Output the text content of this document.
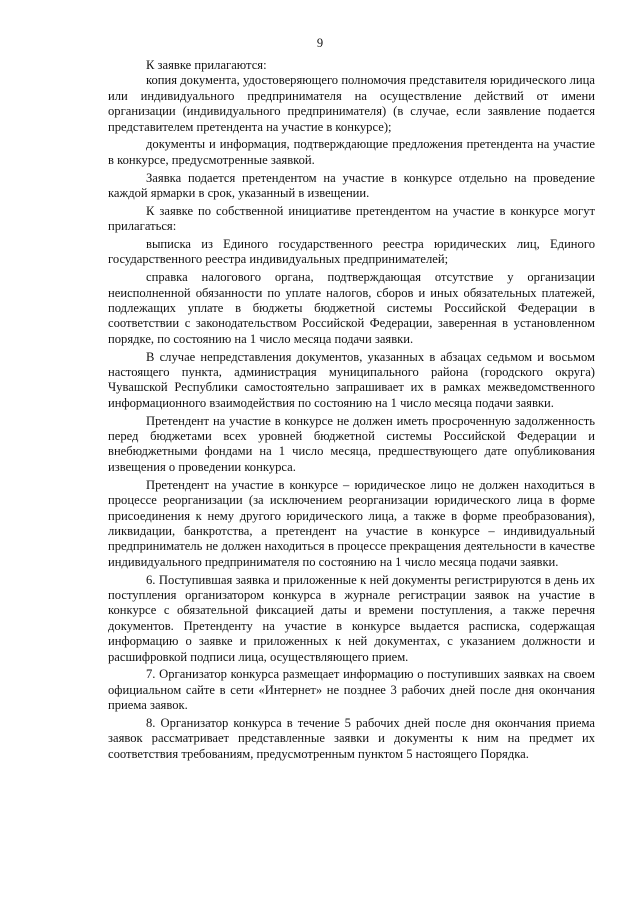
9

К заявке прилагаются:

копия документа, удостоверяющего полномочия представителя юридического лица или индивидуального предпринимателя на осуществление действий от имени организации (индивидуального предпринимателя) (в случае, если заявление подается представителем претендента на участие в конкурсе);

документы и информация, подтверждающие предложения претендента на участие в конкурсе, предусмотренные заявкой.

Заявка подается претендентом на участие в конкурсе отдельно на проведение каждой ярмарки в срок, указанный в извещении.

К заявке по собственной инициативе претендентом на участие в конкурсе могут прилагаться:

выписка из Единого государственного реестра юридических лиц, Единого государственного реестра индивидуальных предпринимателей;

справка налогового органа, подтверждающая отсутствие у организации неисполненной обязанности по уплате налогов, сборов и иных обязательных платежей, подлежащих уплате в бюджеты бюджетной системы Российской Федерации в соответствии с законодательством Российской Федерации, заверенная в установленном порядке, по состоянию на 1 число месяца подачи заявки.

В случае непредставления документов, указанных в абзацах седьмом и восьмом настоящего пункта, администрация муниципального района (городского округа) Чувашской Республики самостоятельно запрашивает их в рамках межведомственного информационного взаимодействия по состоянию на 1 число месяца подачи заявки.

Претендент на участие в конкурсе не должен иметь просроченную задолженность перед бюджетами всех уровней бюджетной системы Российской Федерации и внебюджетными фондами на 1 число месяца, предшествующего дате опубликования извещения о проведении конкурса.

Претендент на участие в конкурсе – юридическое лицо не должен находиться в процессе реорганизации (за исключением реорганизации юридического лица в форме присоединения к нему другого юридического лица, а также в форме преобразования), ликвидации, банкротства, а претендент на участие в конкурсе – индивидуальный предприниматель не должен находиться в процессе прекращения деятельности в качестве индивидуального предпринимателя по состоянию на 1 число месяца подачи заявки.

6. Поступившая заявка и приложенные к ней документы регистрируются в день их поступления организатором конкурса в журнале регистрации заявок на участие в конкурсе с обязательной фиксацией даты и времени поступления, а также перечня документов. Претенденту на участие в конкурсе выдается расписка, содержащая информацию о заявке и приложенных к ней документах, с указанием должности и расшифровкой подписи лица, осуществляющего прием.

7. Организатор конкурса размещает информацию о поступивших заявках на своем официальном сайте в сети «Интернет» не позднее 3 рабочих дней после дня окончания приема заявок.

8. Организатор конкурса в течение 5 рабочих дней после дня окончания приема заявок рассматривает представленные заявки и документы к ним на предмет их соответствия требованиям, предусмотренным пунктом 5 настоящего Порядка.
